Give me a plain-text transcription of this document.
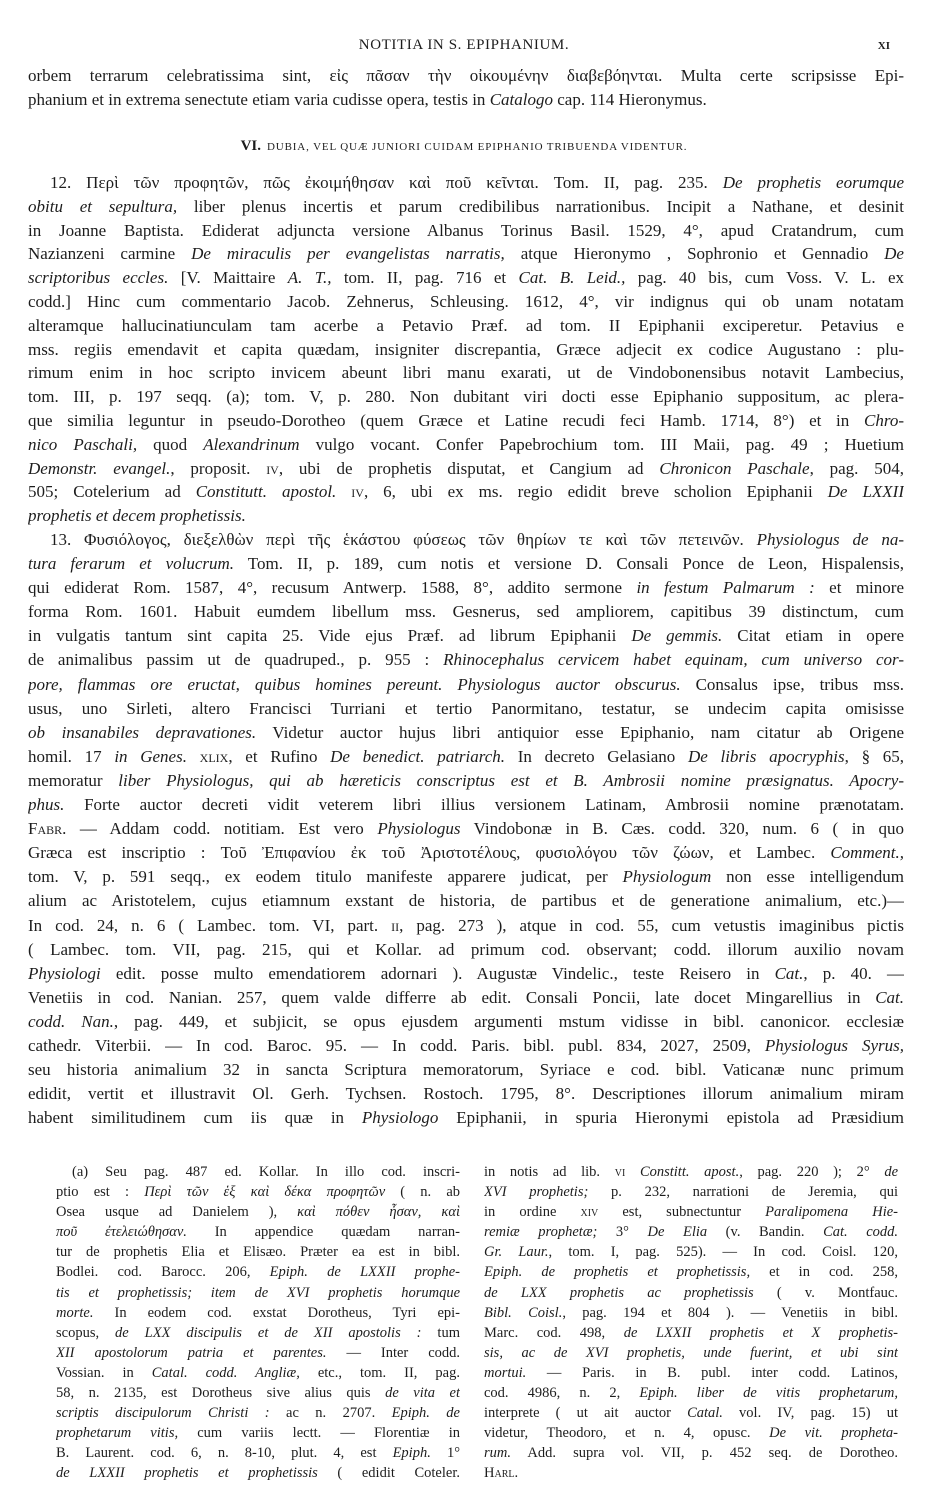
NOTITIA IN S. EPIPHANIUM.	xi
orbem terrarum celebratissima sint, εἰς πᾶσαν τὴν οἰκουμένην διαβεβόηνται. Multa certe scripsisse Epi-
phanium et in extrema senectute etiam varia cudisse opera, testis in Catalogo cap. 114 Hieronymus.
VI. DUBIA, VEL QUÆ JUNIORI CUIDAM EPIPHANIO TRIBUENDA VIDENTUR.
12. Περὶ τῶν προφητῶν, πῶς ἐκοιμήθησαν καὶ ποῦ κεῖνται. Tom. II, pag. 235. De prophetis eorumque
obitu et sepultura, liber plenus incertis et parum credibilibus narrationibus. Incipit a Nathane, et desinit
in Joanne Baptista. Ediderat adjuncta versione Albanus Torinus Basil. 1529, 4°, apud Cratandrum, cum
Nazianzeni carmine De miraculis per evangelistas narratis, atque Hieronymo , Sophronio et Gennadio De
scriptoribus eccles. [V. Maittaire A. T., tom. II, pag. 716 et Cat. B. Leid., pag. 40 bis, cum Voss. V. L. ex
codd.] Hinc cum commentario Jacob. Zehnerus, Schleusing. 1612, 4°, vir indignus qui ob unam notatam
alteramque hallucinatiunculam tam acerbe a Petavio Præf. ad tom. II Epiphanii exciperetur. Petavius e
mss. regiis emendavit et capita quædam, insigniter discrepantia, Græce adjecit ex codice Augustano : plu-
rimum enim in hoc scripto invicem abeunt libri manu exarati, ut de Vindobonensibus notavit Lambecius,
tom. III, p. 197 seqq. (a); tom. V, p. 280. Non dubitant viri docti esse Epiphanio suppositum, ac plera-
que similia leguntur in pseudo-Dorotheo (quem Græce et Latine recudi feci Hamb. 1714, 8°) et in Chro-
nico Paschali, quod Alexandrinum vulgo vocant. Confer Papebrochium tom. III Maii, pag. 49 ; Huetium
Demonstr. evangel., proposit. iv, ubi de prophetis disputat, et Cangium ad Chronicon Paschale, pag. 504,
505; Cotelerium ad Constitutt. apostol. iv, 6, ubi ex ms. regio edidit breve scholion Epiphanii De LXXII
prophetis et decem prophetissis.
13. Φυσιόλογος, διεξελθὼν περὶ τῆς ἑκάστου φύσεως τῶν θηρίων τε καὶ τῶν πετεινῶν. Physiologus de na-
tura ferarum et volucrum. Tom. II, p. 189, cum notis et versione D. Consali Ponce de Leon, Hispalensis,
qui ediderat Rom. 1587, 4°, recusum Antwerp. 1588, 8°, addito sermone in festum Palmarum : et minore
forma Rom. 1601. Habuit eumdem libellum mss. Gesnerus, sed ampliorem, capitibus 39 distinctum, cum
in vulgatis tantum sint capita 25. Vide ejus Præf. ad librum Epiphanii De gemmis. Citat etiam in opere
de animalibus passim ut de quadruped., p. 955 : Rhinocephalus cervicem habet equinam, cum universo cor-
pore, flammas ore eructat, quibus homines pereunt. Physiologus auctor obscurus. Consalus ipse, tribus mss.
usus, uno Sirleti, altero Francisci Turriani et tertio Panormitano, testatur, se undecim capita omisisse
ob insanabiles depravationes. Videtur auctor hujus libri antiquior esse Epiphanio, nam citatur ab Origene
homil. 17 in Genes. xlix, et Rufino De benedict. patriarch. In decreto Gelasiano De libris apocryphis, § 65,
memoratur liber Physiologus, qui ab hæreticis conscriptus est et B. Ambrosii nomine præsignatus. Apocry-
phus. Forte auctor decreti vidit veterem libri illius versionem Latinam, Ambrosii nomine prænotatam.
Fabr. — Addam codd. notitiam. Est vero Physiologus Vindobonæ in B. Cæs. codd. 320, num. 6 ( in quo
Græca est inscriptio : Τοῦ Ἐπιφανίου ἐκ τοῦ Ἀριστοτέλους, φυσιολόγου τῶν ζώων, et Lambec. Comment.,
tom. V, p. 591 seqq., ex eodem titulo manifeste apparere judicat, per Physiologum non esse intelligendum
alium ac Aristotelem, cujus etiamnum exstant de historia, de partibus et de generatione animalium, etc.)—
In cod. 24, n. 6 ( Lambec. tom. VI, part. ii, pag. 273 ), atque in cod. 55, cum vetustis imaginibus pictis
( Lambec. tom. VII, pag. 215, qui et Kollar. ad primum cod. observant; codd. illorum auxilio novam
Physiologi edit. posse multo emendatiorem adornari ). Augustæ Vindelic., teste Reisero in Cat., p. 40. —
Venetiis in cod. Nanian. 257, quem valde differre ab edit. Consali Poncii, late docet Mingarellius in Cat.
codd. Nan., pag. 449, et subjicit, se opus ejusdem argumenti mstum vidisse in bibl. canonicor. ecclesiæ
cathedr. Viterbii. — In cod. Baroc. 95. — In codd. Paris. bibl. publ. 834, 2027, 2509, Physiologus Syrus,
seu historia animalium 32 in sancta Scriptura memoratorum, Syriace e cod. bibl. Vaticanæ nunc primum
edidit, vertit et illustravit Ol. Gerh. Tychsen. Rostoch. 1795, 8°. Descriptiones illorum animalium miram
habent similitudinem cum iis quæ in Physiologo Epiphanii, in spuria Hieronymi epistola ad Præsidium
(a) Seu pag. 487 ed. Kollar. In illo cod. inscri-
ptio est : Περὶ τῶν ἑξ καὶ δέκα προφητῶν ( n. ab
Osea usque ad Danielem ), καὶ πόθεν ἦσαν, καὶ
ποῦ ἐτελειώθησαν. In appendice quædam narran-
tur de prophetis Elia et Elisæo. Præter ea est in bibl.
Bodlei. cod. Barocc. 206, Epiph. de LXXII prophe-
tis et prophetissis; item de XVI prophetis horumque
morte. In eodem cod. exstat Dorotheus, Tyri epi-
scopus, de LXX discipulis et de XII apostolis : tum
XII apostolorum patria et parentes. — Inter codd.
Vossian. in Catal. codd. Angliæ, etc., tom. II, pag.
58, n. 2135, est Dorotheus sive alius quis de vita et
scriptis discipulorum Christi : ac n. 2707. Epiph. de
prophetarum vitis, cum variis lectt. — Florentiæ in
B. Laurent. cod. 6, n. 8-10, plut. 4, est Epiph. 1°
de LXXII prophetis et prophetissis ( edidit Coteler.
in notis ad lib. vi Constitt. apost., pag. 220 ); 2° de
XVI prophetis; p. 232, narrationi de Jeremia, qui
in ordine xiv est, subnectuntur Paralipomena Hie-
remiæ prophetæ; 3° De Elia (v. Bandin. Cat. codd.
Gr. Laur., tom. I, pag. 525). — In cod. Coisl. 120,
Epiph. de prophetis et prophetissis, et in cod. 258,
de LXX prophetis ac prophetissis ( v. Montfauc.
Bibl. Coisl., pag. 194 et 804 ). — Venetiis in bibl.
Marc. cod. 498, de LXXII prophetis et X prophetis-
sis, ac de XVI prophetis, unde fuerint, et ubi sint
mortui. — Paris. in B. publ. inter codd. Latinos,
cod. 4986, n. 2, Epiph. liber de vitis prophetarum,
interprete ( ut ait auctor Catal. vol. IV, pag. 15) ut
videtur, Theodoro, et n. 4, opusc. De vit. propheta-
rum. Add. supra vol. VII, p. 452 seq. de Dorotheo.
Harl.
